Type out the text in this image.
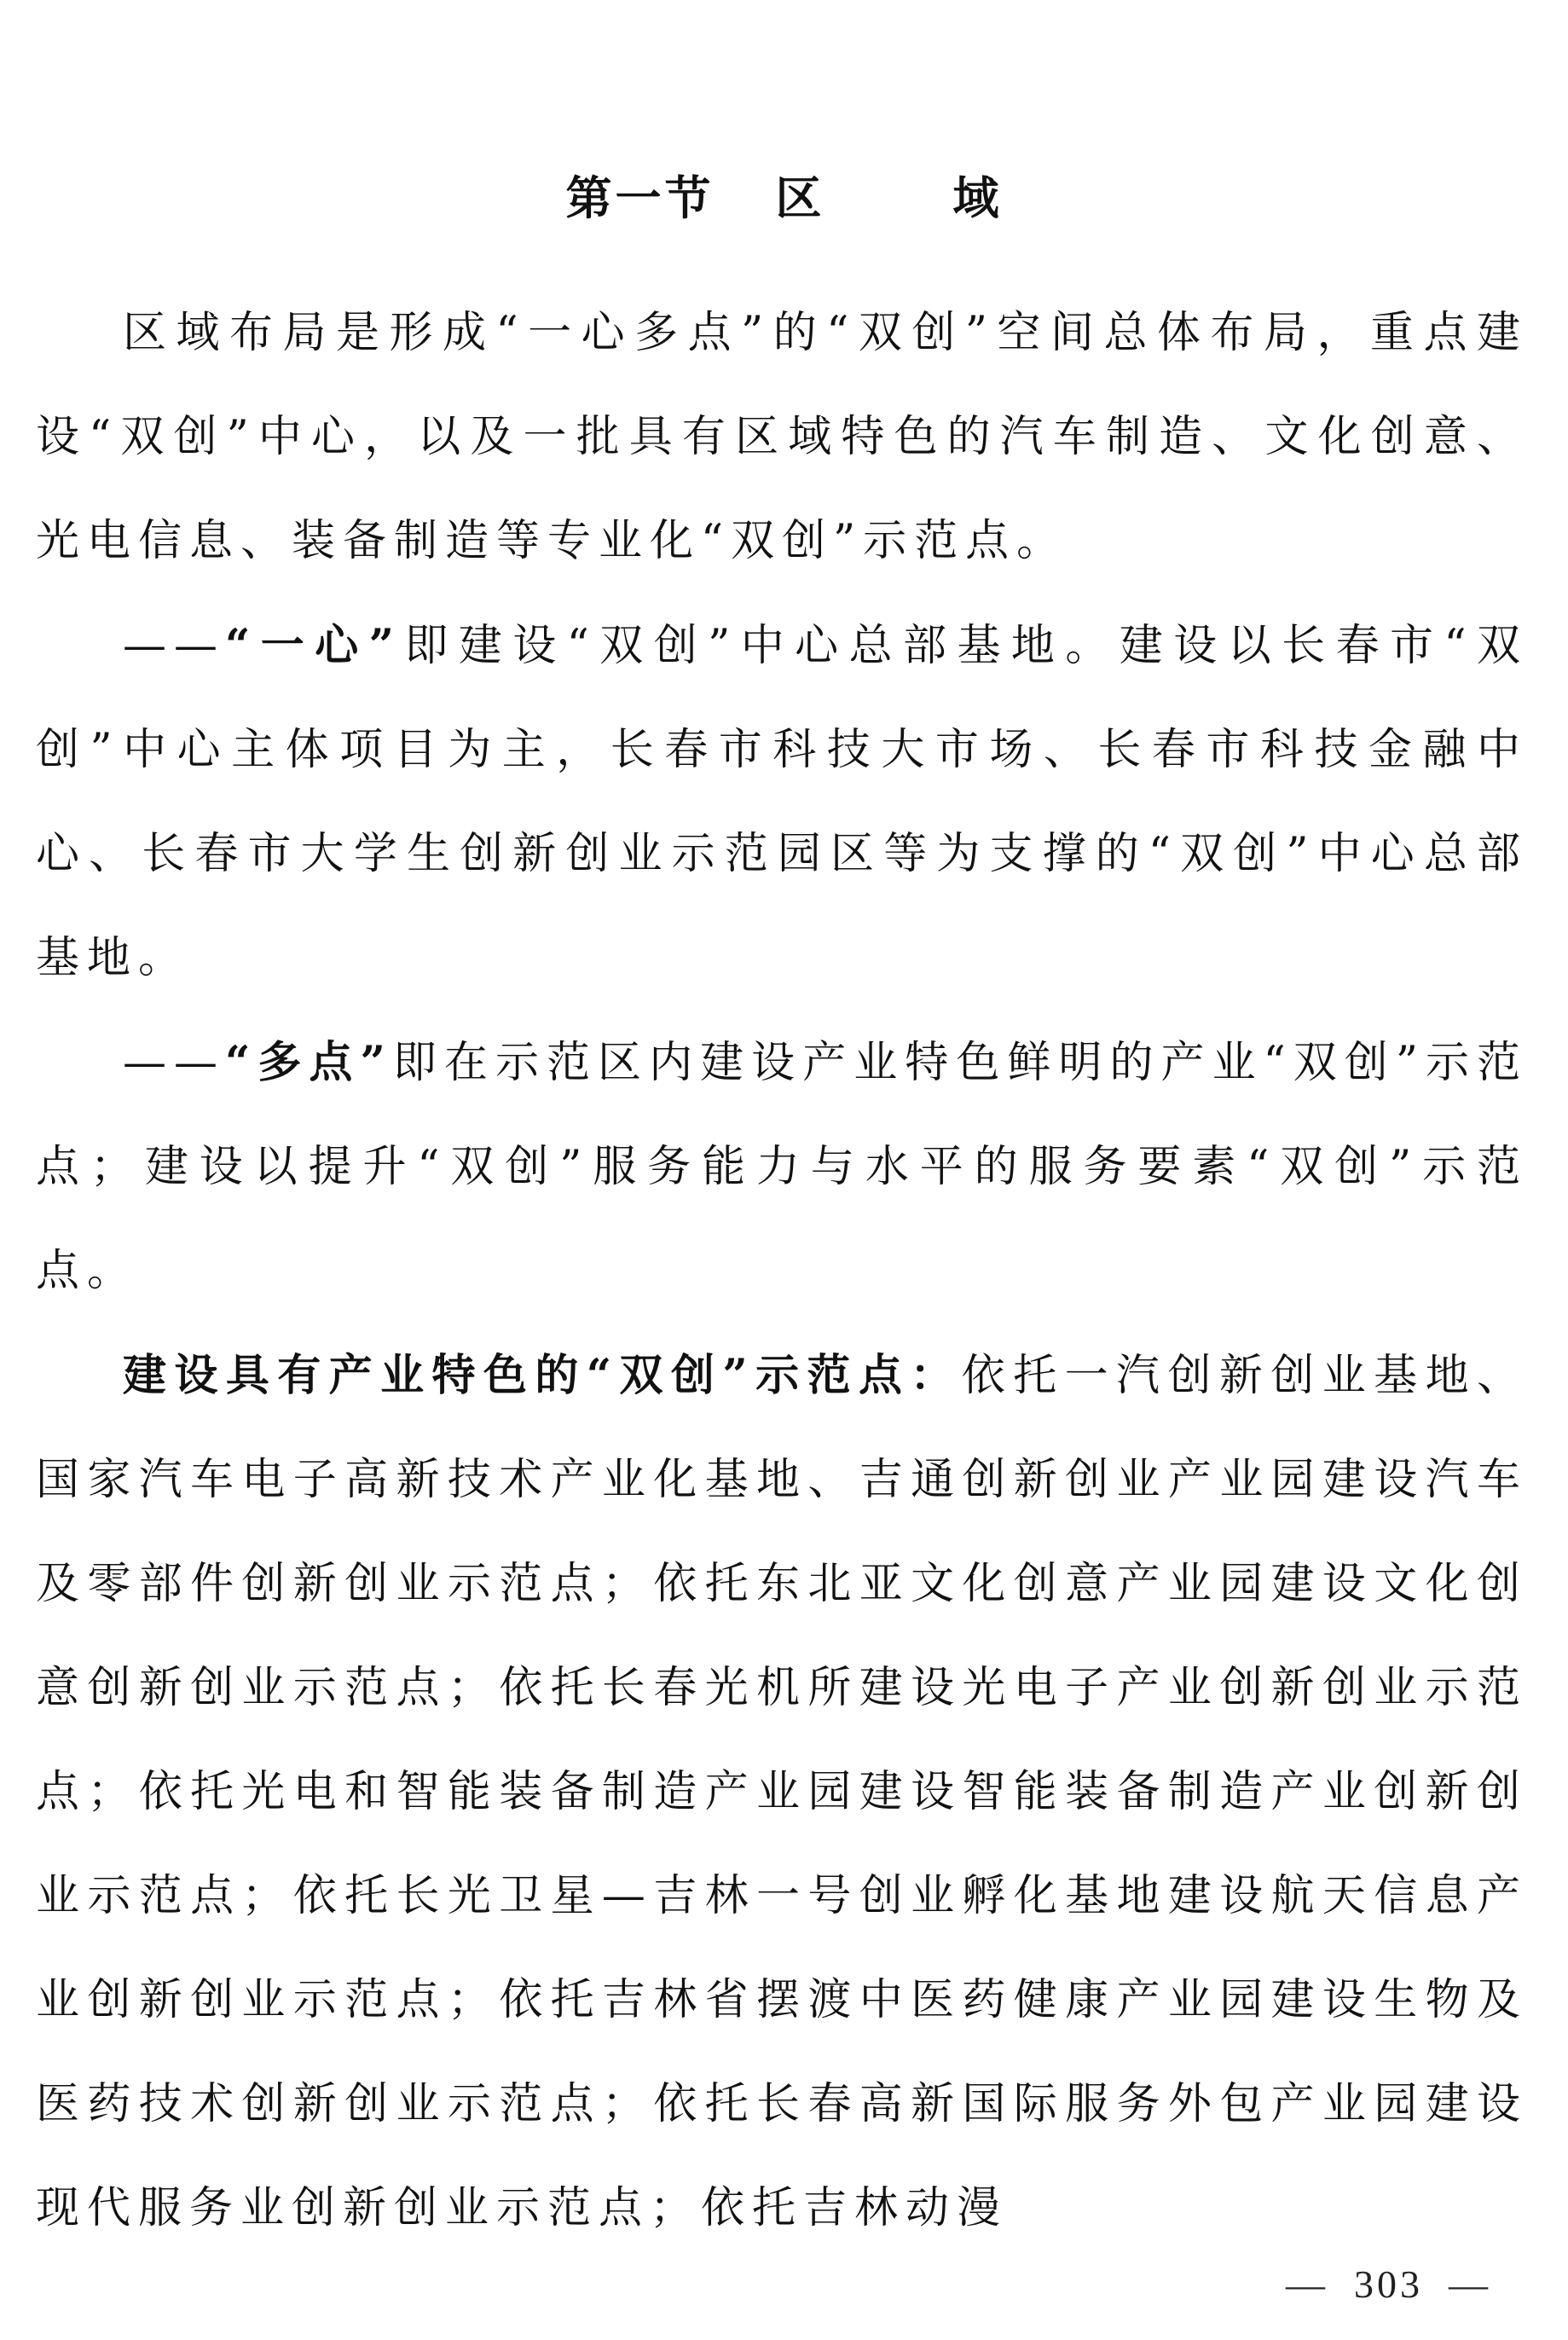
第一节 区	域

区域布局是形成“一心多点”的“双创”空间总体布局，重点建设“双创”中心，以及一批具有区域特色的汽车制造、文化创意、光电信息、装备制造等专业化“双创”示范点。

——“一心”即建设“双创”中心总部基地。建设以长春市“双创”中心主体项目为主，长春市科技大市场、长春市科技金融中心、长春市大学生创新创业示范园区等为支撑的“双创”中心总部基地。

——“多点”即在示范区内建设产业特色鲜明的产业“双创”示范点；建设以提升“双创”服务能力与水平的服务要素“双创”示范点。

建设具有产业特色的“双创”示范点：依托一汽创新创业基地、国家汽车电子高新技术产业化基地、吉通创新创业产业园建设汽车及零部件创新创业示范点；依托东北亚文化创意产业园建设文化创意创新创业示范点；依托长春光机所建设光电子产业创新创业示范点；依托光电和智能装备制造产业园建设智能装备制造产业创新创业示范点；依托长光卫星—吉林一号创业孵化基地建设航天信息产业创新创业示范点；依托吉林省摆渡中医药健康产业园建设生物及医药技术创新创业示范点；依托长春高新国际服务外包产业园建设现代服务业创新创业示范点；依托吉林动漫

— 303 —
